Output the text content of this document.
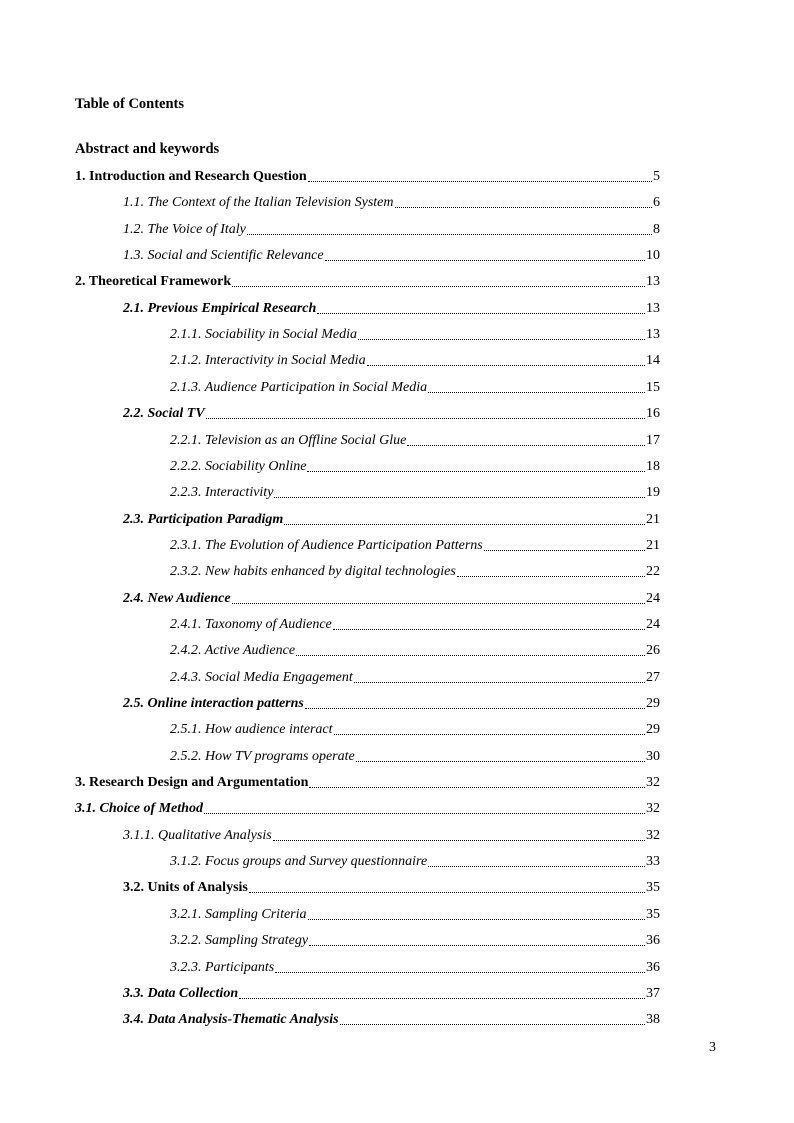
Table of Contents
Abstract and keywords
1. Introduction and Research Question	5
1.1. The Context of the Italian Television System	6
1.2. The Voice of Italy	8
1.3. Social and Scientific Relevance	10
2. Theoretical Framework	13
2.1. Previous Empirical Research	13
2.1.1. Sociability in Social Media	13
2.1.2. Interactivity in Social Media	14
2.1.3. Audience Participation in Social Media	15
2.2. Social TV	16
2.2.1. Television as an Offline Social Glue	17
2.2.2. Sociability Online	18
2.2.3. Interactivity	19
2.3. Participation Paradigm	21
2.3.1. The Evolution of Audience Participation Patterns	21
2.3.2. New habits enhanced by digital technologies	22
2.4. New Audience	24
2.4.1. Taxonomy of Audience	24
2.4.2. Active Audience	26
2.4.3. Social Media Engagement	27
2.5. Online interaction patterns	29
2.5.1. How audience interact	29
2.5.2. How TV programs operate	30
3. Research Design and Argumentation	32
3.1. Choice of Method	32
3.1.1. Qualitative Analysis	32
3.1.2. Focus groups and Survey questionnaire	33
3.2. Units of Analysis	35
3.2.1. Sampling Criteria	35
3.2.2. Sampling Strategy	36
3.2.3. Participants	36
3.3. Data Collection	37
3.4. Data Analysis-Thematic Analysis	38
3
